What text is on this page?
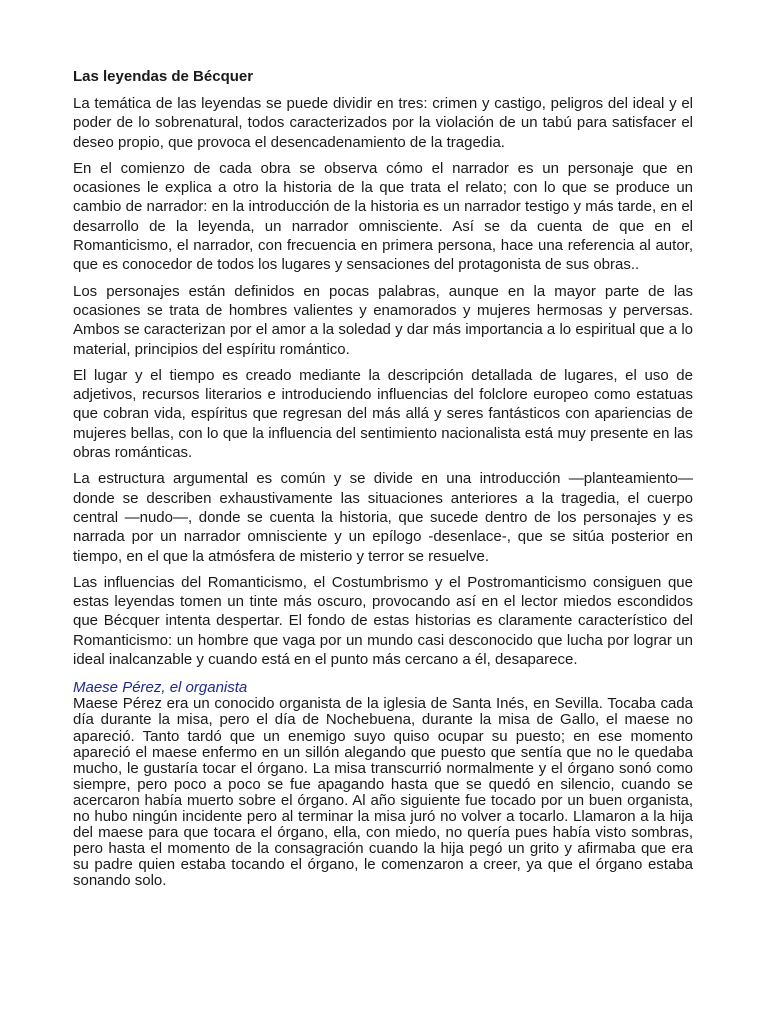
Las leyendas de Bécquer

La temática de las leyendas se puede dividir en tres: crimen y castigo, peligros del ideal y el poder de lo sobrenatural, todos caracterizados por la violación de un tabú para satisfacer el deseo propio, que provoca el desencadenamiento de la tragedia.

En el comienzo de cada obra se observa cómo el narrador es un personaje que en ocasiones le explica a otro la historia de la que trata el relato; con lo que se produce un cambio de narrador: en la introducción de la historia es un narrador testigo y más tarde, en el desarrollo de la leyenda, un narrador omnisciente. Así se da cuenta de que en el Romanticismo, el narrador, con frecuencia en primera persona, hace una referencia al autor, que es conocedor de todos los lugares y sensaciones del protagonista de sus obras..

Los personajes están definidos en pocas palabras, aunque en la mayor parte de las ocasiones se trata de hombres valientes y enamorados y mujeres hermosas y perversas. Ambos se caracterizan por el amor a la soledad y dar más importancia a lo espiritual que a lo material, principios del espíritu romántico.

El lugar y el tiempo es creado mediante la descripción detallada de lugares, el uso de adjetivos, recursos literarios e introduciendo influencias del folclore europeo como estatuas que cobran vida, espíritus que regresan del más allá y seres fantásticos con apariencias de mujeres bellas, con lo que la influencia del sentimiento nacionalista está muy presente en las obras románticas.

La estructura argumental es común y se divide en una introducción —planteamiento— donde se describen exhaustivamente las situaciones anteriores a la tragedia, el cuerpo central —nudo—, donde se cuenta la historia, que sucede dentro de los personajes y es narrada por un narrador omnisciente y un epílogo -desenlace-, que se sitúa posterior en tiempo, en el que la atmósfera de misterio y terror se resuelve.

Las influencias del Romanticismo, el Costumbrismo y el Postromanticismo consiguen que estas leyendas tomen un tinte más oscuro, provocando así en el lector miedos escondidos que Bécquer intenta despertar. El fondo de estas historias es claramente característico del Romanticismo: un hombre que vaga por un mundo casi desconocido que lucha por lograr un ideal inalcanzable y cuando está en el punto más cercano a él, desaparece.

Maese Pérez, el organista

Maese Pérez era un conocido organista de la iglesia de Santa Inés, en Sevilla. Tocaba cada día durante la misa, pero el día de Nochebuena, durante la misa de Gallo, el maese no apareció. Tanto tardó que un enemigo suyo quiso ocupar su puesto; en ese momento apareció el maese enfermo en un sillón alegando que puesto que sentía que no le quedaba mucho, le gustaría tocar el órgano. La misa transcurrió normalmente y el órgano sonó como siempre, pero poco a poco se fue apagando hasta que se quedó en silencio, cuando se acercaron había muerto sobre el órgano. Al año siguiente fue tocado por un buen organista, no hubo ningún incidente pero al terminar la misa juró no volver a tocarlo. Llamaron a la hija del maese para que tocara el órgano, ella, con miedo, no quería pues había visto sombras, pero hasta el momento de la consagración cuando la hija pegó un grito y afirmaba que era su padre quien estaba tocando el órgano, le comenzaron a creer, ya que el órgano estaba sonando solo.
